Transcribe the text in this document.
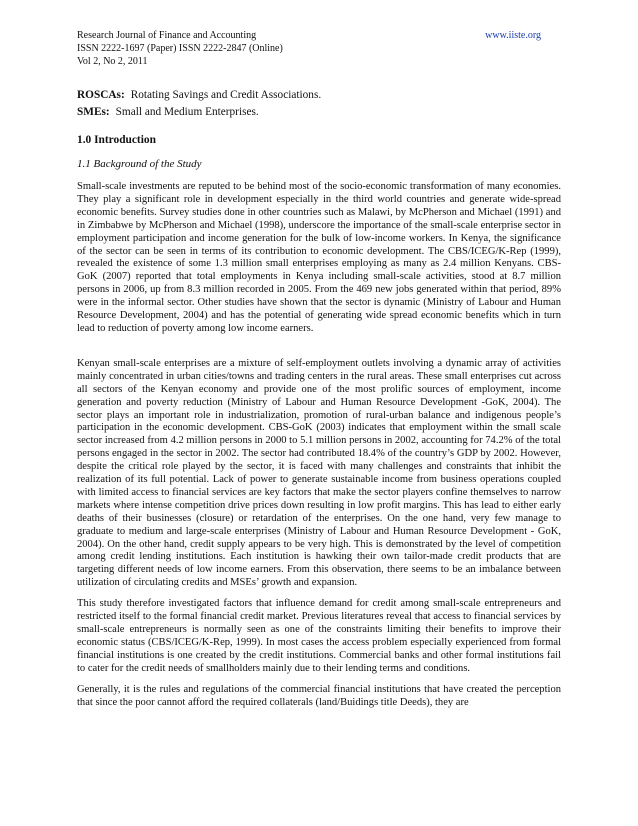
Research Journal of Finance and Accounting	www.iiste.org
ISSN 2222-1697 (Paper) ISSN 2222-2847 (Online)
Vol 2, No 2, 2011
ROSCAs: Rotating Savings and Credit Associations.
SMEs: Small and Medium Enterprises.
1.0 Introduction
1.1 Background of the Study

Small-scale investments are reputed to be behind most of the socio-economic transformation of many economies. They play a significant role in development especially in the third world countries and generate wide-spread economic benefits. Survey studies done in other countries such as Malawi, by McPherson and Michael (1991) and in Zimbabwe by McPherson and Michael (1998), underscore the importance of the small-scale enterprise sector in employment participation and income generation for the bulk of low-income workers. In Kenya, the significance of the sector can be seen in terms of its contribution to economic development. The CBS/ICEG/K-Rep (1999), revealed the existence of some 1.3 million small enterprises employing as many as 2.4 million Kenyans. CBS-GoK (2007) reported that total employments in Kenya including small-scale activities, stood at 8.7 million persons in 2006, up from 8.3 million recorded in 2005. From the 469 new jobs generated within that period, 89% were in the informal sector. Other studies have shown that the sector is dynamic (Ministry of Labour and Human Resource Development, 2004) and has the potential of generating wide spread economic benefits which in turn lead to reduction of poverty among low income earners.

Kenyan small-scale enterprises are a mixture of self-employment outlets involving a dynamic array of activities mainly concentrated in urban cities/towns and trading centers in the rural areas. These small enterprises cut across all sectors of the Kenyan economy and provide one of the most prolific sources of employment, income generation and poverty reduction (Ministry of Labour and Human Resource Development -GoK, 2004). The sector plays an important role in industrialization, promotion of rural-urban balance and indigenous people’s participation in the economic development. CBS-GoK (2003) indicates that employment within the small scale sector increased from 4.2 million persons in 2000 to 5.1 million persons in 2002, accounting for 74.2% of the total persons engaged in the sector in 2002. The sector had contributed 18.4% of the country’s GDP by 2002. However, despite the critical role played by the sector, it is faced with many challenges and constraints that inhibit the realization of its full potential. Lack of power to generate sustainable income from business operations coupled with limited access to financial services are key factors that make the sector players confine themselves to narrow markets where intense competition drive prices down resulting in low profit margins. This has lead to either early deaths of their businesses (closure) or retardation of the enterprises. On the one hand, very few manage to graduate to medium and large-scale enterprises (Ministry of Labour and Human Resource Development - GoK, 2004). On the other hand, credit supply appears to be very high. This is demonstrated by the level of competition among credit lending institutions. Each institution is hawking their own tailor-made credit products that are targeting different needs of low income earners. From this observation, there seems to be an imbalance between utilization of circulating credits and MSEs’ growth and expansion.

This study therefore investigated factors that influence demand for credit among small-scale entrepreneurs and restricted itself to the formal financial credit market. Previous literatures reveal that access to financial services by small-scale entrepreneurs is normally seen as one of the constraints limiting their benefits to improve their economic status (CBS/ICEG/K-Rep, 1999). In most cases the access problem especially experienced from formal financial institutions is one created by the credit institutions. Commercial banks and other formal institutions fail to cater for the credit needs of smallholders mainly due to their lending terms and conditions.

Generally, it is the rules and regulations of the commercial financial institutions that have created the perception that since the poor cannot afford the required collaterals (land/Buidings title Deeds), they are
